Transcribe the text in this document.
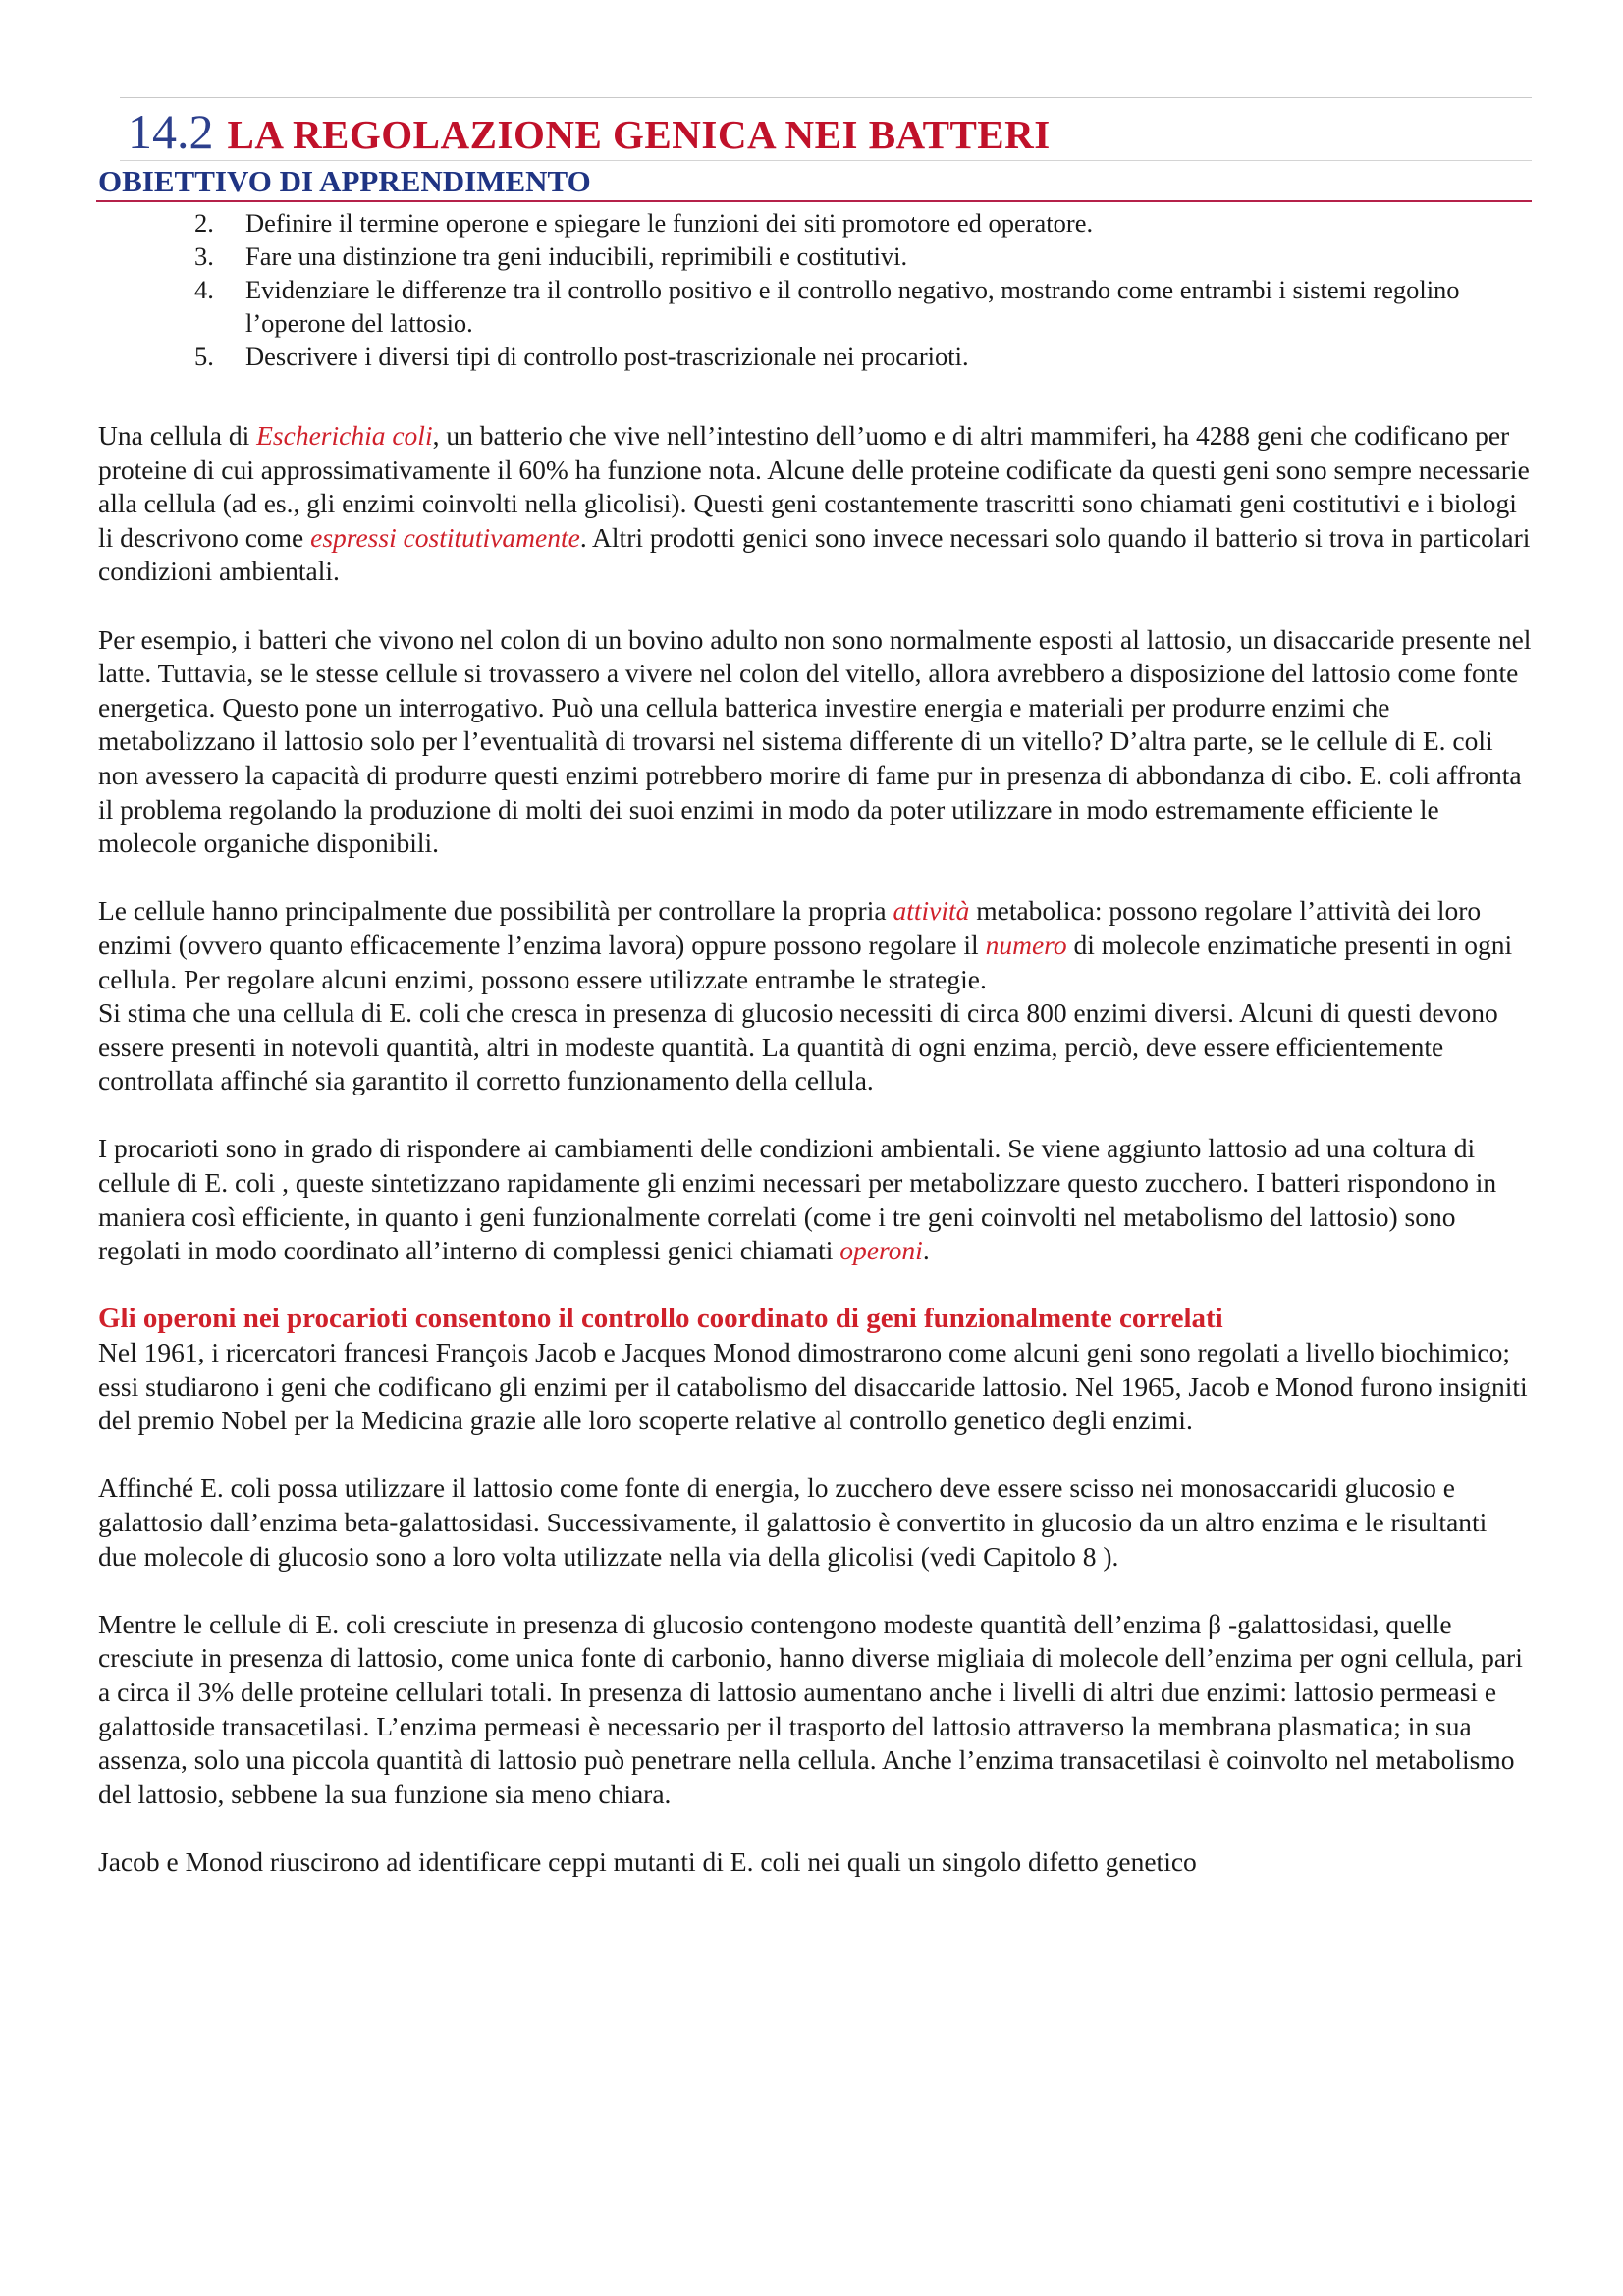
14.2 LA REGOLAZIONE GENICA NEI BATTERI
OBIETTIVO DI APPRENDIMENTO
2. Definire il termine operone e spiegare le funzioni dei siti promotore ed operatore.
3. Fare una distinzione tra geni inducibili, reprimibili e costitutivi.
4. Evidenziare le differenze tra il controllo positivo e il controllo negativo, mostrando come entrambi i sistemi regolino l’operone del lattosio.
5. Descrivere i diversi tipi di controllo post-trascrizionale nei procarioti.

Una cellula di Escherichia coli, un batterio che vive nell’intestino dell’uomo e di altri mammiferi, ha 4288 geni che codificano per proteine di cui approssimativamente il 60% ha funzione nota. Alcune delle proteine codificate da questi geni sono sempre necessarie alla cellula (ad es., gli enzimi coinvolti nella glicolisi). Questi geni costantemente trascritti sono chiamati geni costitutivi e i biologi li descrivono come espressi costitutivamente. Altri prodotti genici sono invece necessari solo quando il batterio si trova in particolari condizioni ambientali.

Per esempio, i batteri che vivono nel colon di un bovino adulto non sono normalmente esposti al lattosio, un disaccaride presente nel latte. Tuttavia, se le stesse cellule si trovassero a vivere nel colon del vitello, allora avrebbero a disposizione del lattosio come fonte energetica. Questo pone un interrogativo. Può una cellula batterica investire energia e materiali per produrre enzimi che metabolizzano il lattosio solo per l’eventualità di trovarsi nel sistema differente di un vitello? D’altra parte, se le cellule di E. coli non avessero la capacità di produrre questi enzimi potrebbero morire di fame pur in presenza di abbondanza di cibo. E. coli affronta il problema regolando la produzione di molti dei suoi enzimi in modo da poter utilizzare in modo estremamente efficiente le molecole organiche disponibili.

Le cellule hanno principalmente due possibilità per controllare la propria attività metabolica: possono regolare l’attività dei loro enzimi (ovvero quanto efficacemente l’enzima lavora) oppure possono regolare il numero di molecole enzimatiche presenti in ogni cellula. Per regolare alcuni enzimi, possono essere utilizzate entrambe le strategie.

Si stima che una cellula di E. coli che cresca in presenza di glucosio necessiti di circa 800 enzimi diversi. Alcuni di questi devono essere presenti in notevoli quantità, altri in modeste quantità. La quantità di ogni enzima, perciò, deve essere efficientemente controllata affinché sia garantito il corretto funzionamento della cellula.

I procarioti sono in grado di rispondere ai cambiamenti delle condizioni ambientali. Se viene aggiunto lattosio ad una coltura di cellule di E. coli , queste sintetizzano rapidamente gli enzimi necessari per metabolizzare questo zucchero. I batteri rispondono in maniera così efficiente, in quanto i geni funzionalmente correlati (come i tre geni coinvolti nel metabolismo del lattosio) sono regolati in modo coordinato all’interno di complessi genici chiamati operoni.

Gli operoni nei procarioti consentono il controllo coordinato di geni funzionalmente correlati

Nel 1961, i ricercatori francesi François Jacob e Jacques Monod dimostrarono come alcuni geni sono regolati a livello biochimico; essi studiarono i geni che codificano gli enzimi per il catabolismo del disaccaride lattosio. Nel 1965, Jacob e Monod furono insigniti del premio Nobel per la Medicina grazie alle loro scoperte relative al controllo genetico degli enzimi.

Affinché E. coli possa utilizzare il lattosio come fonte di energia, lo zucchero deve essere scisso nei monosaccaridi glucosio e galattosio dall’enzima beta-galattosidasi. Successivamente, il galattosio è convertito in glucosio da un altro enzima e le risultanti due molecole di glucosio sono a loro volta utilizzate nella via della glicolisi (vedi Capitolo 8 ).

Mentre le cellule di E. coli cresciute in presenza di glucosio contengono modeste quantità dell’enzima β -galattosidasi, quelle cresciute in presenza di lattosio, come unica fonte di carbonio, hanno diverse migliaia di molecole dell’enzima per ogni cellula, pari a circa il 3% delle proteine cellulari totali. In presenza di lattosio aumentano anche i livelli di altri due enzimi: lattosio permeasi e galattoside transacetilasi. L’enzima permeasi è necessario per il trasporto del lattosio attraverso la membrana plasmatica; in sua assenza, solo una piccola quantità di lattosio può penetrare nella cellula. Anche l’enzima transacetilasi è coinvolto nel metabolismo del lattosio, sebbene la sua funzione sia meno chiara.

Jacob e Monod riuscirono ad identificare ceppi mutanti di E. coli nei quali un singolo difetto genetico
